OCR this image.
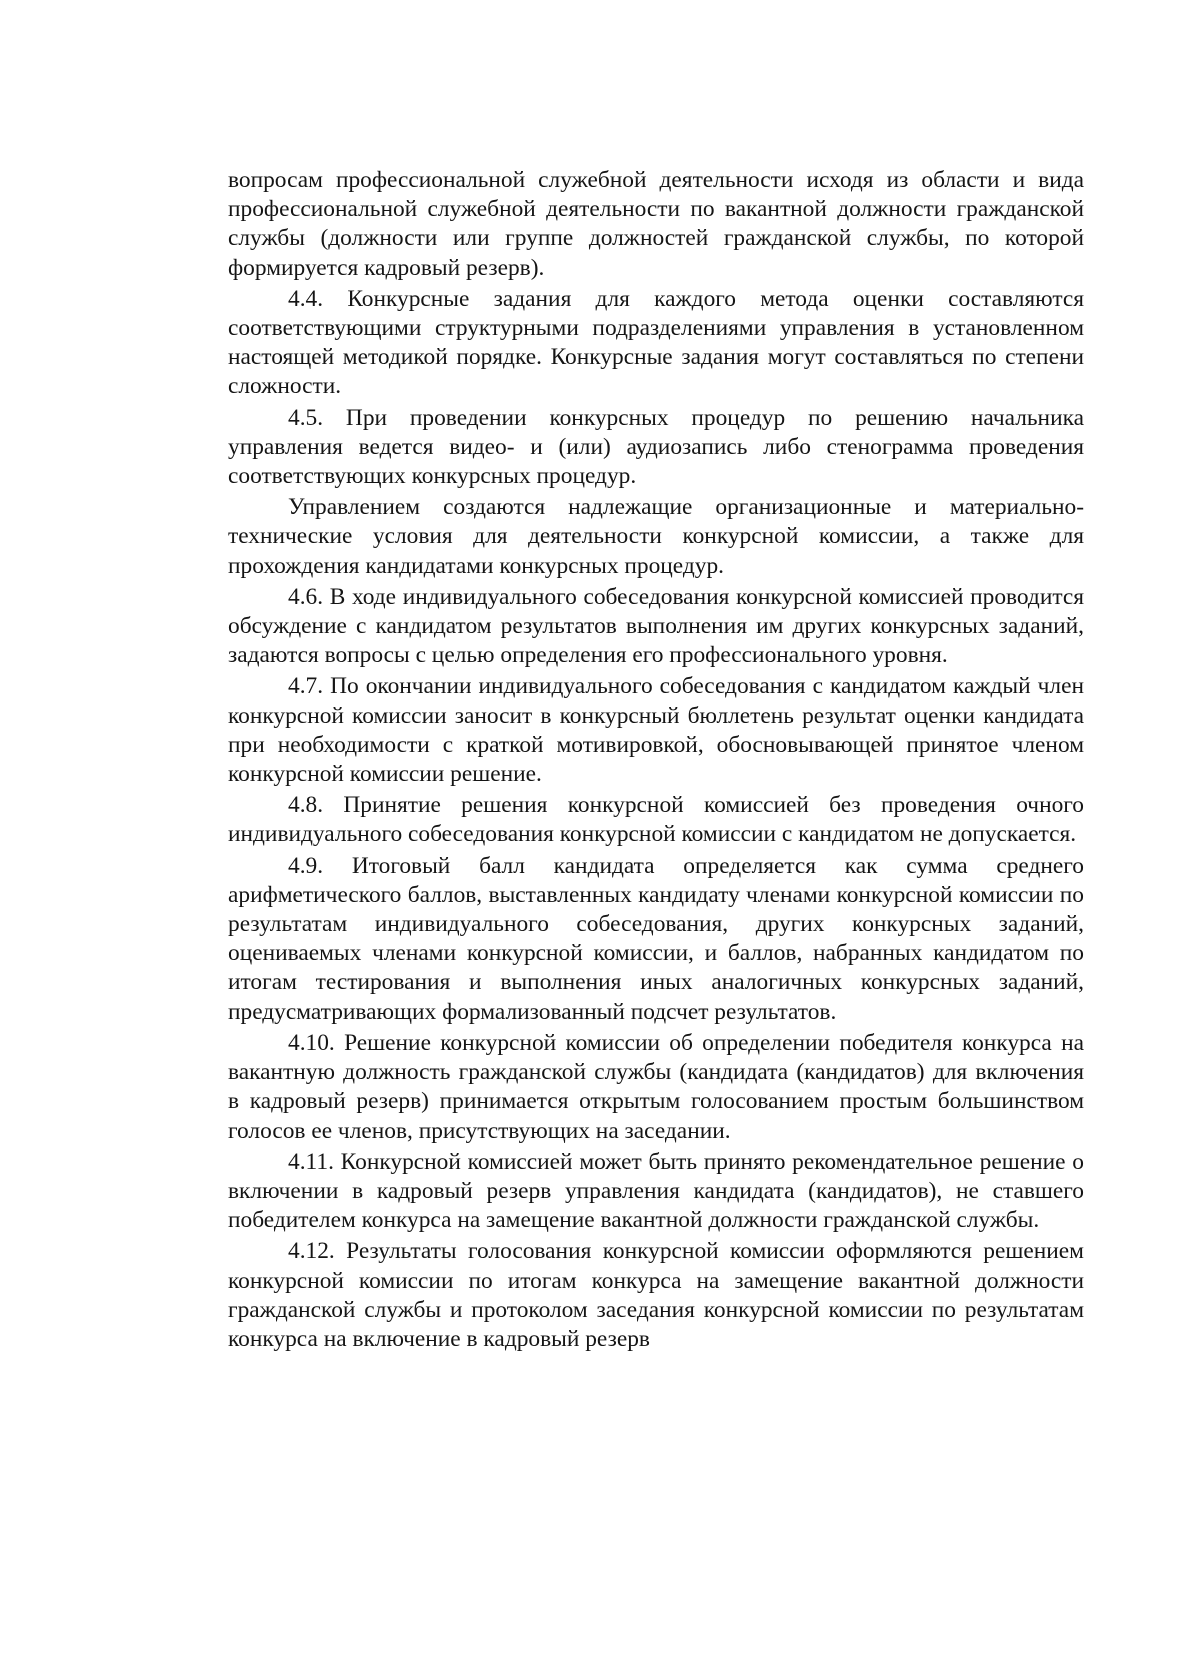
вопросам профессиональной служебной деятельности исходя из области и вида профессиональной служебной деятельности по вакантной должности гражданской службы (должности или группе должностей гражданской службы, по которой формируется кадровый резерв).

4.4. Конкурсные задания для каждого метода оценки составляются соответствующими структурными подразделениями управления в установленном настоящей методикой порядке. Конкурсные задания могут составляться по степени сложности.

4.5. При проведении конкурсных процедур по решению начальника управления ведется видео- и (или) аудиозапись либо стенограмма проведения соответствующих конкурсных процедур.

Управлением создаются надлежащие организационные и материально-технические условия для деятельности конкурсной комиссии, а также для прохождения кандидатами конкурсных процедур.

4.6. В ходе индивидуального собеседования конкурсной комиссией проводится обсуждение с кандидатом результатов выполнения им других конкурсных заданий, задаются вопросы с целью определения его профессионального уровня.

4.7. По окончании индивидуального собеседования с кандидатом каждый член конкурсной комиссии заносит в конкурсный бюллетень результат оценки кандидата при необходимости с краткой мотивировкой, обосновывающей принятое членом конкурсной комиссии решение.

4.8. Принятие решения конкурсной комиссией без проведения очного индивидуального собеседования конкурсной комиссии с кандидатом не допускается.

4.9. Итоговый балл кандидата определяется как сумма среднего арифметического баллов, выставленных кандидату членами конкурсной комиссии по результатам индивидуального собеседования, других конкурсных заданий, оцениваемых членами конкурсной комиссии, и баллов, набранных кандидатом по итогам тестирования и выполнения иных аналогичных конкурсных заданий, предусматривающих формализованный подсчет результатов.

4.10. Решение конкурсной комиссии об определении победителя конкурса на вакантную должность гражданской службы (кандидата (кандидатов) для включения в кадровый резерв) принимается открытым голосованием простым большинством голосов ее членов, присутствующих на заседании.

4.11. Конкурсной комиссией может быть принято рекомендательное решение о включении в кадровый резерв управления кандидата (кандидатов), не ставшего победителем конкурса на замещение вакантной должности гражданской службы.

4.12. Результаты голосования конкурсной комиссии оформляются решением конкурсной комиссии по итогам конкурса на замещение вакантной должности гражданской службы и протоколом заседания конкурсной комиссии по результатам конкурса на включение в кадровый резерв
